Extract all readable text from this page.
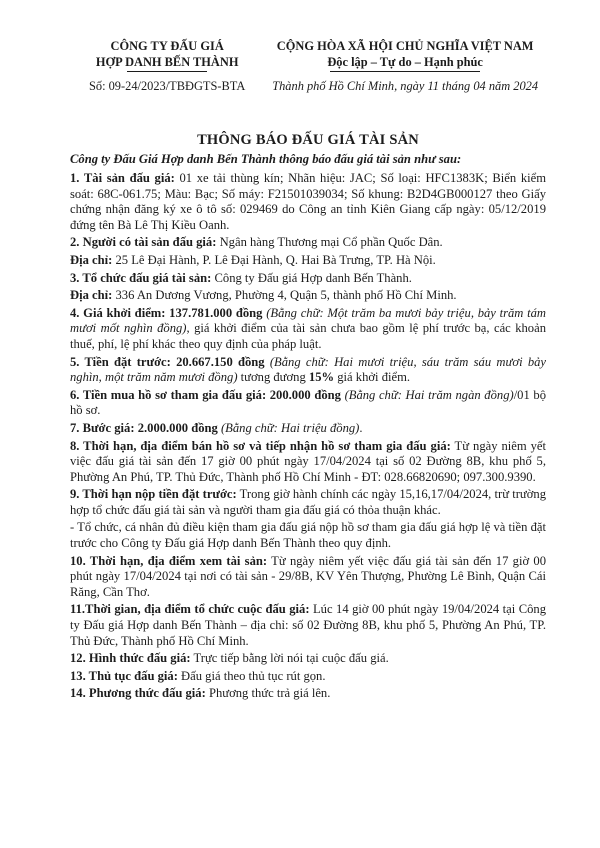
CÔNG TY ĐẤU GIÁ
HỢP DANH BẾN THÀNH
Số: 09-24/2023/TBĐGTS-BTA
CỘNG HÒA XÃ HỘI CHỦ NGHĨA VIỆT NAM
Độc lập – Tự do – Hạnh phúc
Thành phố Hồ Chí Minh, ngày 11 tháng 04 năm 2024
THÔNG BÁO ĐẤU GIÁ TÀI SẢN

Công ty Đấu Giá Hợp danh Bến Thành thông báo đấu giá tài sản như sau:

1. Tài sản đấu giá: 01 xe tải thùng kín; Nhãn hiệu: JAC; Số loại: HFC1383K; Biển kiểm soát: 68C-061.75; Màu: Bạc; Số máy: F21501039034; Số khung: B2D4GB000127 theo Giấy chứng nhận đăng ký xe ô tô số: 029469 do Công an tỉnh Kiên Giang cấp ngày: 05/12/2019 đứng tên Bà Lê Thị Kiều Oanh.

2. Người có tài sản đấu giá: Ngân hàng Thương mại Cổ phần Quốc Dân.

Địa chỉ: 25 Lê Đại Hành, P. Lê Đại Hành, Q. Hai Bà Trưng, TP. Hà Nội.

3. Tổ chức đấu giá tài sản: Công ty Đấu giá Hợp danh Bến Thành.

Địa chỉ: 336 An Dương Vương, Phường 4, Quận 5, thành phố Hồ Chí Minh.

4. Giá khởi điểm: 137.781.000 đồng (Bằng chữ: Một trăm ba mươi bảy triệu, bảy trăm tám mươi mốt nghìn đồng), giá khởi điểm của tài sản chưa bao gồm lệ phí trước bạ, các khoản thuế, phí, lệ phí khác theo quy định của pháp luật.

5. Tiền đặt trước: 20.667.150 đồng (Bằng chữ: Hai mươi triệu, sáu trăm sáu mươi bảy nghìn, một trăm năm mươi đồng) tương đương 15% giá khởi điểm.

6. Tiền mua hồ sơ tham gia đấu giá: 200.000 đồng (Bằng chữ: Hai trăm ngàn đồng)/01 bộ hồ sơ.

7. Bước giá: 2.000.000 đồng (Bằng chữ: Hai triệu đồng).

8. Thời hạn, địa điểm bán hồ sơ và tiếp nhận hồ sơ tham gia đấu giá: Từ ngày niêm yết việc đấu giá tài sản đến 17 giờ 00 phút ngày 17/04/2024 tại số 02 Đường 8B, khu phố 5, Phường An Phú, TP. Thủ Đức, Thành phố Hồ Chí Minh - ĐT: 028.66820690; 097.300.9390.

9. Thời hạn nộp tiền đặt trước: Trong giờ hành chính các ngày 15,16,17/04/2024, trừ trường hợp tổ chức đấu giá tài sản và người tham gia đấu giá có thỏa thuận khác.

- Tổ chức, cá nhân đủ điều kiện tham gia đấu giá nộp hồ sơ tham gia đấu giá hợp lệ và tiền đặt trước cho Công ty Đấu giá Hợp danh Bến Thành theo quy định.

10. Thời hạn, địa điểm xem tài sản: Từ ngày niêm yết việc đấu giá tài sản đến 17 giờ 00 phút ngày 17/04/2024 tại nơi có tài sản - 29/8B, KV Yên Thượng, Phường Lê Bình, Quận Cái Răng, Cần Thơ.

11.Thời gian, địa điểm tổ chức cuộc đấu giá: Lúc 14 giờ 00 phút ngày 19/04/2024 tại Công ty Đấu giá Hợp danh Bến Thành – địa chỉ: số 02 Đường 8B, khu phố 5, Phường An Phú, TP. Thủ Đức, Thành phố Hồ Chí Minh.

12. Hình thức đấu giá: Trực tiếp bằng lời nói tại cuộc đấu giá.

13. Thủ tục đấu giá: Đấu giá theo thủ tục rút gọn.

14. Phương thức đấu giá: Phương thức trả giá lên.
